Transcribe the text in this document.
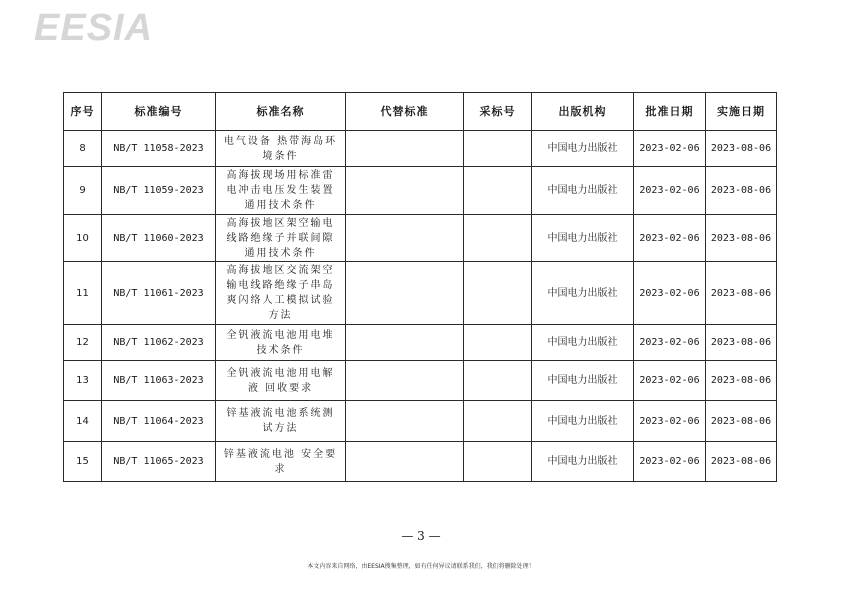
EESIA
序号	标准编号	标准名称	代替标准	采标号	出版机构	批准日期	实施日期
8	NB/T 11058-2023	电气设备 热带海岛环境条件			中国电力出版社	2023-02-06	2023-08-06
9	NB/T 11059-2023	高海拔现场用标准雷电冲击电压发生装置通用技术条件			中国电力出版社	2023-02-06	2023-08-06
10	NB/T 11060-2023	高海拔地区架空输电线路绝缘子并联间隙通用技术条件			中国电力出版社	2023-02-06	2023-08-06
11	NB/T 11061-2023	高海拔地区交流架空输电线路绝缘子串岛爽闪络人工模拟试验方法			中国电力出版社	2023-02-06	2023-08-06
12	NB/T 11062-2023	全钒液流电池用电堆技术条件			中国电力出版社	2023-02-06	2023-08-06
13	NB/T 11063-2023	全钒液流电池用电解液 回收要求			中国电力出版社	2023-02-06	2023-08-06
14	NB/T 11064-2023	锌基液流电池系统测试方法			中国电力出版社	2023-02-06	2023-08-06
15	NB/T 11065-2023	锌基液流电池 安全要求			中国电力出版社	2023-02-06	2023-08-06
— 3 —
本文内容来自网络，由EESIA搜集整理，如有任何异议请联系我们，我们将删除处理！
